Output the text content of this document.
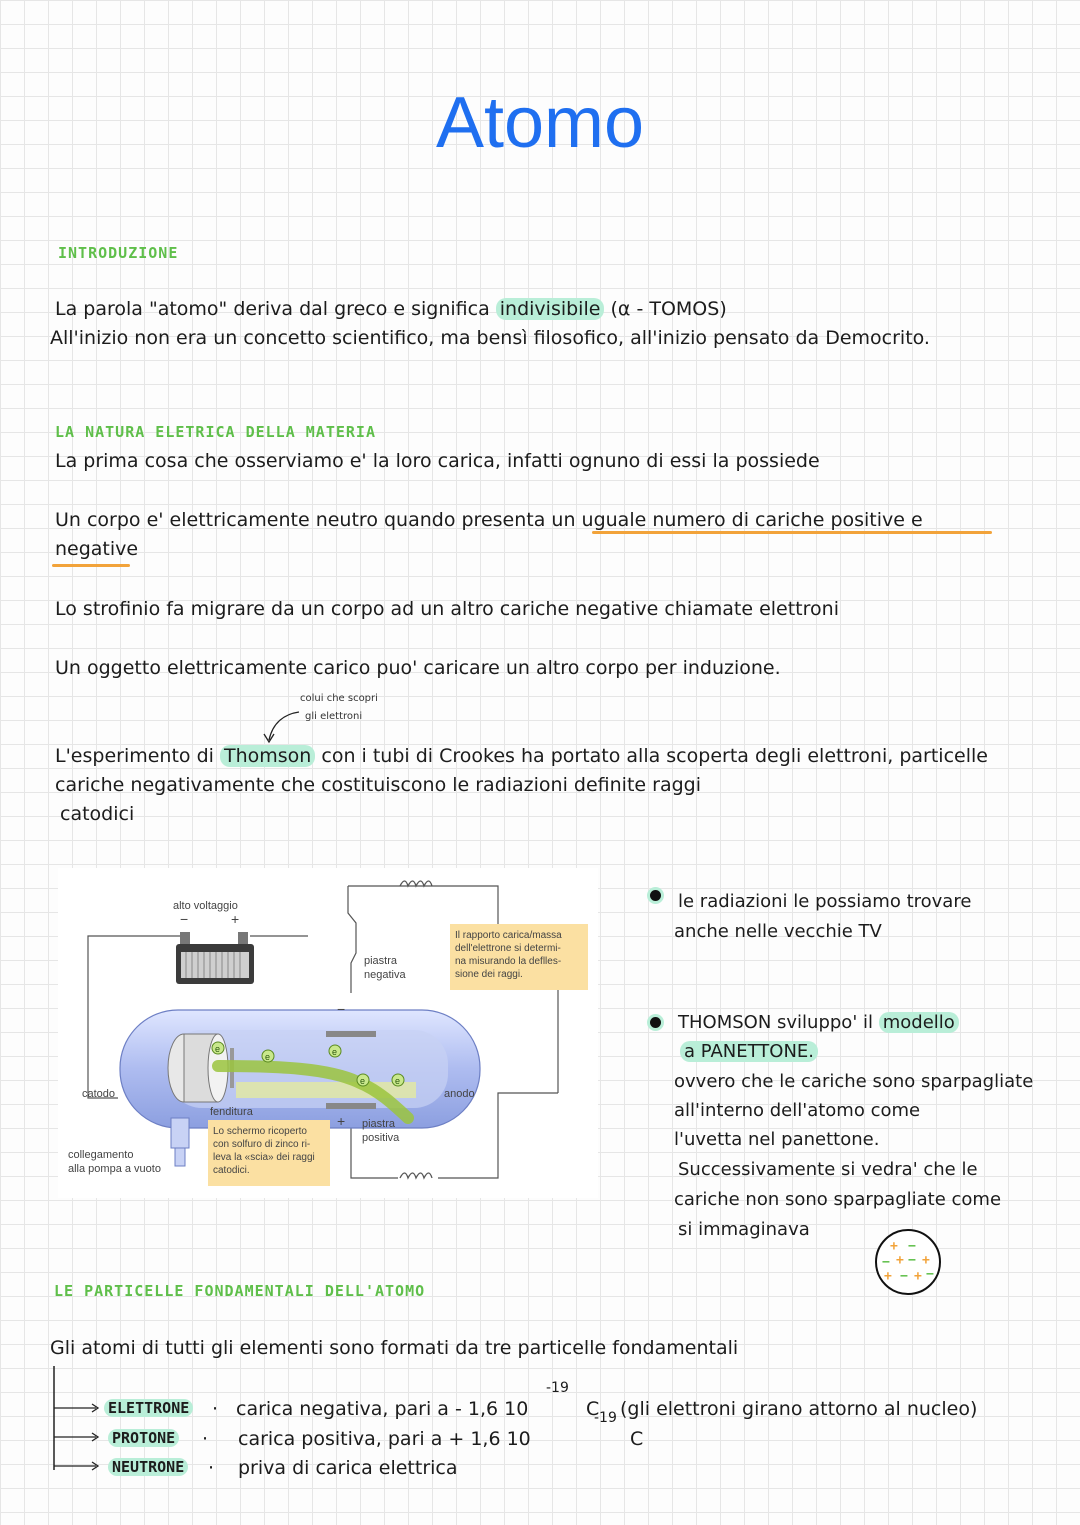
Atomo
INTRODUZIONE
La parola "atomo" deriva dal greco e significa indivisibile (α - TOMOS)
All'inizio non era un concetto scientifico, ma bensì filosofico, all'inizio pensato da Democrito.
LA NATURA ELETRICA DELLA MATERIA
La prima cosa che osserviamo e' la loro carica, infatti ognuno di essi la possiede
Un corpo e' elettricamente neutro quando presenta un uguale numero di cariche positive e
negative
Lo strofinio fa migrare da un corpo ad un altro cariche negative chiamate elettroni
Un oggetto elettricamente carico puo' caricare un altro corpo per induzione.
colui che scopri
gli elettroni
L'esperimento di Thomson con i tubi di Crookes ha portato alla scoperta degli elettroni, particelle
cariche negativamente che costituiscono le radiazioni definite raggi
catodici
alto voltaggio
−	+
e
e	e
e	e
−
+
piastra
negativa
catodo	anodo
fenditura
piastra
positiva
collegamento
alla pompa a vuoto
Il rapporto carica/massa
dell'elettrone si determi-
na misurando la deflles-
sione dei raggi.
Lo schermo ricoperto
con solfuro di zinco ri-
leva la «scia» dei raggi
catodici.
le radiazioni le possiamo trovare
anche nelle vecchie TV
THOMSON sviluppo' il modello
a PANETTONE.
ovvero che le cariche sono sparpagliate
all'interno dell'atomo come
l'uvetta nel panettone.
Successivamente si vedra' che le
cariche non sono sparpagliate come
si immaginava
+ −
− + − +
+ − + −
LE PARTICELLE FONDAMENTALI DELL'ATOMO
Gli atomi di tutti gli elementi sono formati da tre particelle fondamentali
ELETTRONE · carica negativa, pari a - 1,6 10
-19
C (gli elettroni girano attorno al nucleo)
PROTONE · carica positiva, pari a + 1,6 10
-19
C
NEUTRONE · priva di carica elettrica
